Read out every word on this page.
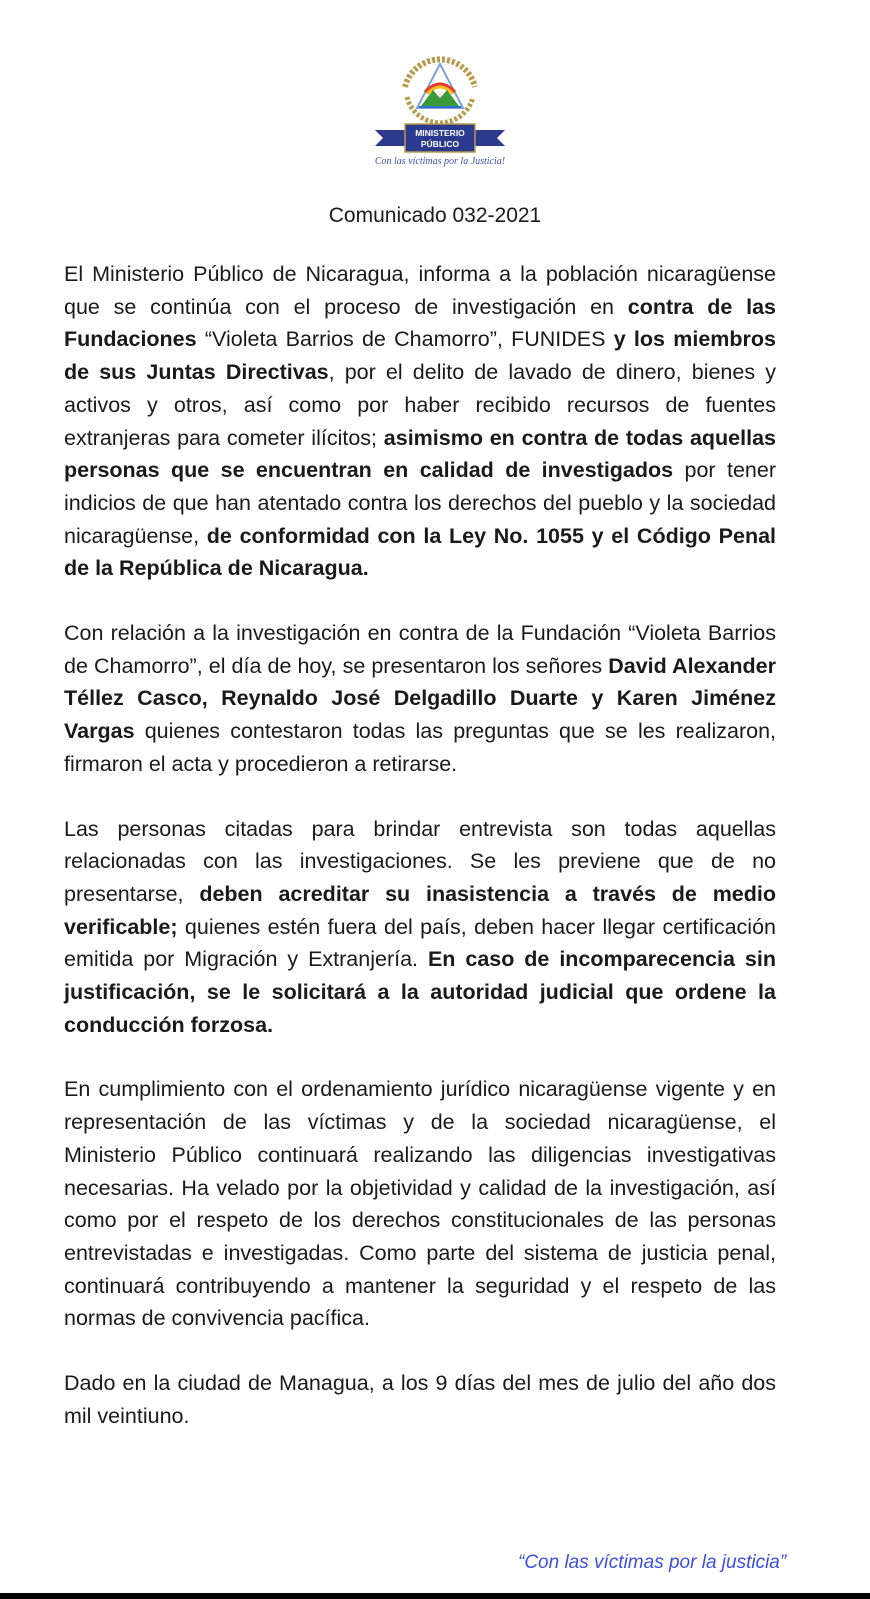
MINISTERIO
PÚBLICO
Con las víctimas por la Justicia!
Comunicado 032-2021

El Ministerio Público de Nicaragua, informa a la población nicaragüense que se continúa con el proceso de investigación en contra de las Fundaciones “Violeta Barrios de Chamorro”, FUNIDES y los miembros de sus Juntas Directivas, por el delito de lavado de dinero, bienes y activos y otros, así como por haber recibido recursos de fuentes extranjeras para cometer ilícitos; asimismo en contra de todas aquellas personas que se encuentran en calidad de investigados por tener indicios de que han atentado contra los derechos del pueblo y la sociedad nicaragüense, de conformidad con la Ley No. 1055 y el Código Penal de la República de Nicaragua.

Con relación a la investigación en contra de la Fundación “Violeta Barrios de Chamorro”, el día de hoy, se presentaron los señores David Alexander Téllez Casco, Reynaldo José Delgadillo Duarte y Karen Jiménez Vargas quienes contestaron todas las preguntas que se les realizaron, firmaron el acta y procedieron a retirarse.

Las personas citadas para brindar entrevista son todas aquellas relacionadas con las investigaciones. Se les previene que de no presentarse, deben acreditar su inasistencia a través de medio verificable; quienes estén fuera del país, deben hacer llegar certificación emitida por Migración y Extranjería. En caso de incomparecencia sin justificación, se le solicitará a la autoridad judicial que ordene la conducción forzosa.

En cumplimiento con el ordenamiento jurídico nicaragüense vigente y en representación de las víctimas y de la sociedad nicaragüense, el Ministerio Público continuará realizando las diligencias investigativas necesarias. Ha velado por la objetividad y calidad de la investigación, así como por el respeto de los derechos constitucionales de las personas entrevistadas e investigadas. Como parte del sistema de justicia penal, continuará contribuyendo a mantener la seguridad y el respeto de las normas de convivencia pacífica.

Dado en la ciudad de Managua, a los 9 días del mes de julio del año dos mil veintiuno.

“Con las víctimas por la justicia”
